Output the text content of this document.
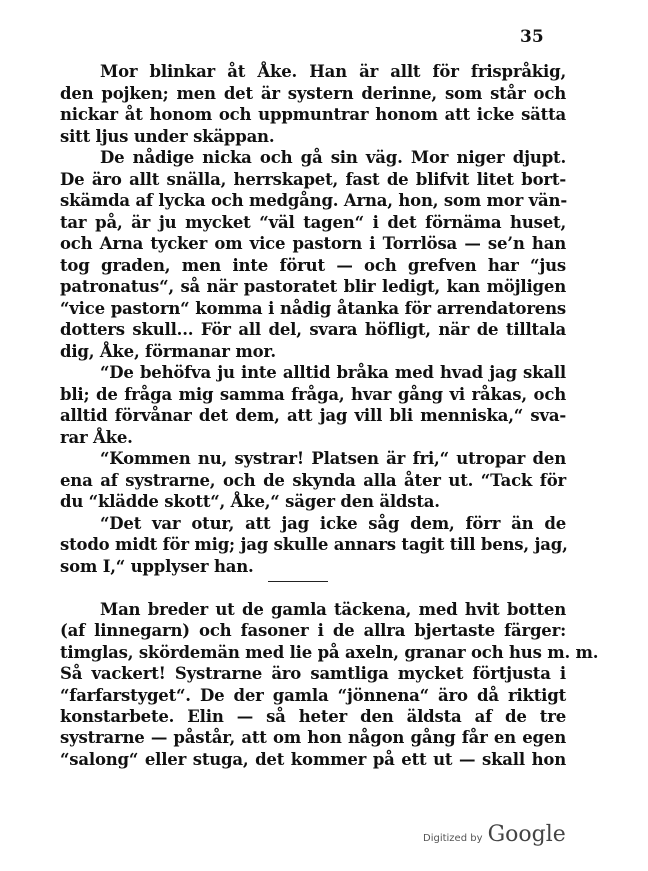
35
Mor blinkar åt Åke. Han är allt för frispråkig,
den pojken; men det är systern derinne, som står och
nickar åt honom och uppmuntrar honom att icke sätta
sitt ljus under skäppan.
De nådige nicka och gå sin väg. Mor niger djupt.
De äro allt snälla, herrskapet, fast de blifvit litet bort-
skämda af lycka och medgång. Arna, hon, som mor vän-
tar på, är ju mycket “väl tagen“ i det förnäma huset,
och Arna tycker om vice pastorn i Torrlösa — se’n han
tog graden, men inte förut — och grefven har “jus
patronatus“, så när pastoratet blir ledigt, kan möjligen
“vice pastorn“ komma i nådig åtanka för arrendatorens
dotters skull... För all del, svara höfligt, när de tilltala
dig, Åke, förmanar mor.
“De behöfva ju inte alltid bråka med hvad jag skall
bli; de fråga mig samma fråga, hvar gång vi råkas, och
alltid förvånar det dem, att jag vill bli menniska,“ sva-
rar Åke.
“Kommen nu, systrar! Platsen är fri,“ utropar den
ena af systrarne, och de skynda alla åter ut. “Tack för
du “klädde skott“, Åke,“ säger den äldsta.
“Det var otur, att jag icke såg dem, förr än de
stodo midt för mig; jag skulle annars tagit till bens, jag,
som I,“ upplyser han.
Man breder ut de gamla täckena, med hvit botten
(af linnegarn) och fasoner i de allra bjertaste färger:
timglas, skördemän med lie på axeln, granar och hus m. m.
Så vackert! Systrarne äro samtliga mycket förtjusta i
“farfarstyget“. De der gamla “jönnena“ äro då riktigt
konstarbete. Elin — så heter den äldsta af de tre
systrarne — påstår, att om hon någon gång får en egen
“salong“ eller stuga, det kommer på ett ut — skall hon
Digitized by Google
